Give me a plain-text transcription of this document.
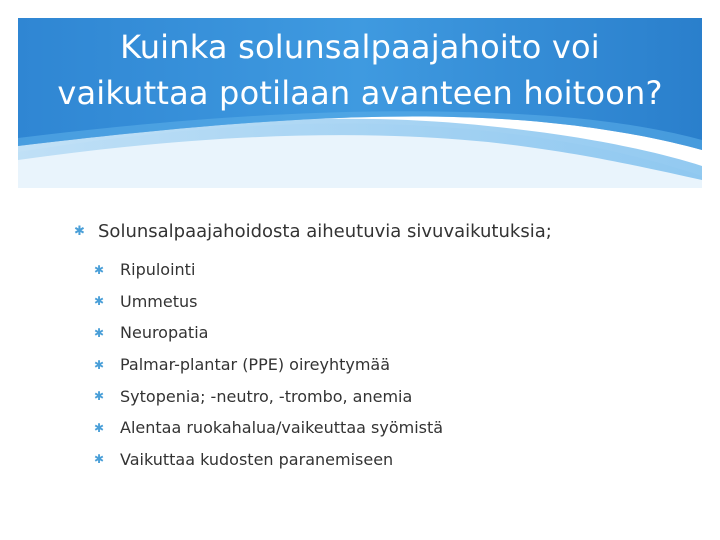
Kuinka solunsalpaajahoito voi
vaikuttaa potilaan avanteen hoitoon?
✱ Solunsalpaajahoidosta aiheutuvia sivuvaikutuksia;
✱ Ripulointi
✱ Ummetus
✱ Neuropatia
✱ Palmar-plantar (PPE) oireyhtymää
✱ Sytopenia; -neutro, -trombo, anemia
✱ Alentaa ruokahalua/vaikeuttaa syömistä
✱ Vaikuttaa kudosten paranemiseen
